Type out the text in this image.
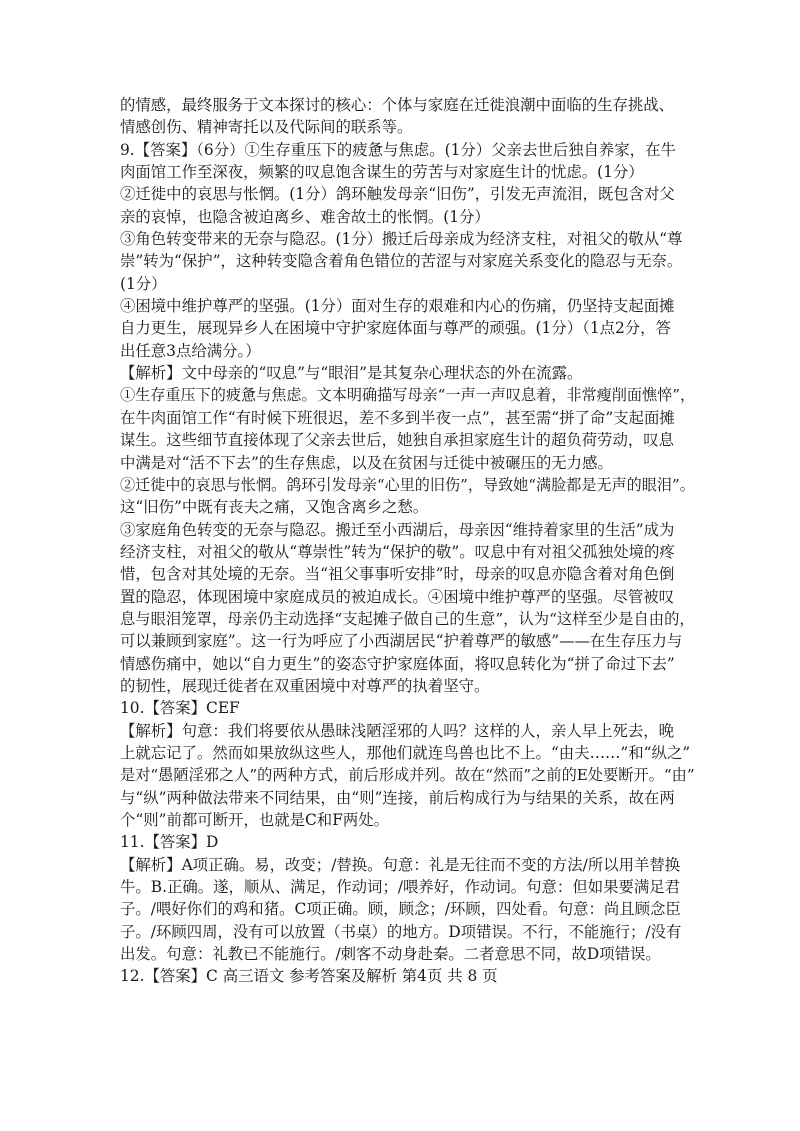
的情感，最终服务于文本探讨的核心：个体与家庭在迁徙浪潮中面临的生存挑战、
情感创伤、精神寄托以及代际间的联系等。
9.【答案】（6分）①生存重压下的疲惫与焦虑。(1分）父亲去世后独自养家，在牛
肉面馆工作至深夜，频繁的叹息饱含谋生的劳苦与对家庭生计的忧虑。(1分）
②迁徙中的哀思与怅惘。(1分）鸽环触发母亲“旧伤”，引发无声流泪，既包含对父
亲的哀悼，也隐含被迫离乡、难舍故土的怅惘。(1分）
③角色转变带来的无奈与隐忍。(1分）搬迁后母亲成为经济支柱，对祖父的敬从“尊
崇”转为“保护”，这种转变隐含着角色错位的苦涩与对家庭关系变化的隐忍与无奈。
(1分）
④困境中维护尊严的坚强。(1分）面对生存的艰难和内心的伤痛，仍坚持支起面摊
自力更生，展现异乡人在困境中守护家庭体面与尊严的顽强。(1分）（1点2分，答
出任意3点给满分。）
【解析】文中母亲的“叹息”与“眼泪”是其复杂心理状态的外在流露。
①生存重压下的疲惫与焦虑。文本明确描写母亲“一声一声叹息着，非常瘦削面憔悴”，
在牛肉面馆工作“有时候下班很迟，差不多到半夜一点”，甚至需“拼了命”支起面摊
谋生。这些细节直接体现了父亲去世后，她独自承担家庭生计的超负荷劳动，叹息
中满是对“活不下去”的生存焦虑，以及在贫困与迁徙中被碾压的无力感。
②迁徙中的哀思与怅惘。鸽环引发母亲“心里的旧伤”，导致她“满脸都是无声的眼泪”。
这“旧伤”中既有丧夫之痛，又饱含离乡之愁。
③家庭角色转变的无奈与隐忍。搬迁至小西湖后，母亲因“维持着家里的生活”成为
经济支柱，对祖父的敬从“尊崇性”转为“保护的敬”。叹息中有对祖父孤独处境的疼
惜，包含对其处境的无奈。当“祖父事事听安排”时，母亲的叹息亦隐含着对角色倒
置的隐忍，体现困境中家庭成员的被迫成长。④困境中维护尊严的坚强。尽管被叹
息与眼泪笼罩，母亲仍主动选择“支起摊子做自己的生意”，认为“这样至少是自由的，
可以兼顾到家庭”。这一行为呼应了小西湖居民“护着尊严的敏感”——在生存压力与
情感伤痛中，她以“自力更生”的姿态守护家庭体面，将叹息转化为“拼了命过下去”
的韧性，展现迁徙者在双重困境中对尊严的执着坚守。
10.【答案】CEF
【解析】句意：我们将要依从愚昧浅陋淫邪的人吗？这样的人，亲人早上死去，晚
上就忘记了。然而如果放纵这些人，那他们就连鸟兽也比不上。“由夫……”和“纵之”
是对“愚陋淫邪之人”的两种方式，前后形成并列。故在“然而”之前的E处要断开。“由”
与“纵”两种做法带来不同结果，由“则”连接，前后构成行为与结果的关系，故在两
个“则”前都可断开，也就是C和F两处。
11.【答案】D
【解析】A项正确。易，改变；/替换。句意：礼是无往而不变的方法/所以用羊替换
牛。B.正确。遂，顺从、满足，作动词；/喂养好，作动词。句意：但如果要满足君
子。/喂好你们的鸡和猪。C项正确。顾，顾念；/环顾，四处看。句意：尚且顾念臣
子。/环顾四周，没有可以放置（书桌）的地方。D项错误。不行，不能施行；/没有
出发。句意：礼教已不能施行。/刺客不动身赴秦。二者意思不同，故D项错误。
12.【答案】C 高三语文 参考答案及解析 第4页 共 8 页
